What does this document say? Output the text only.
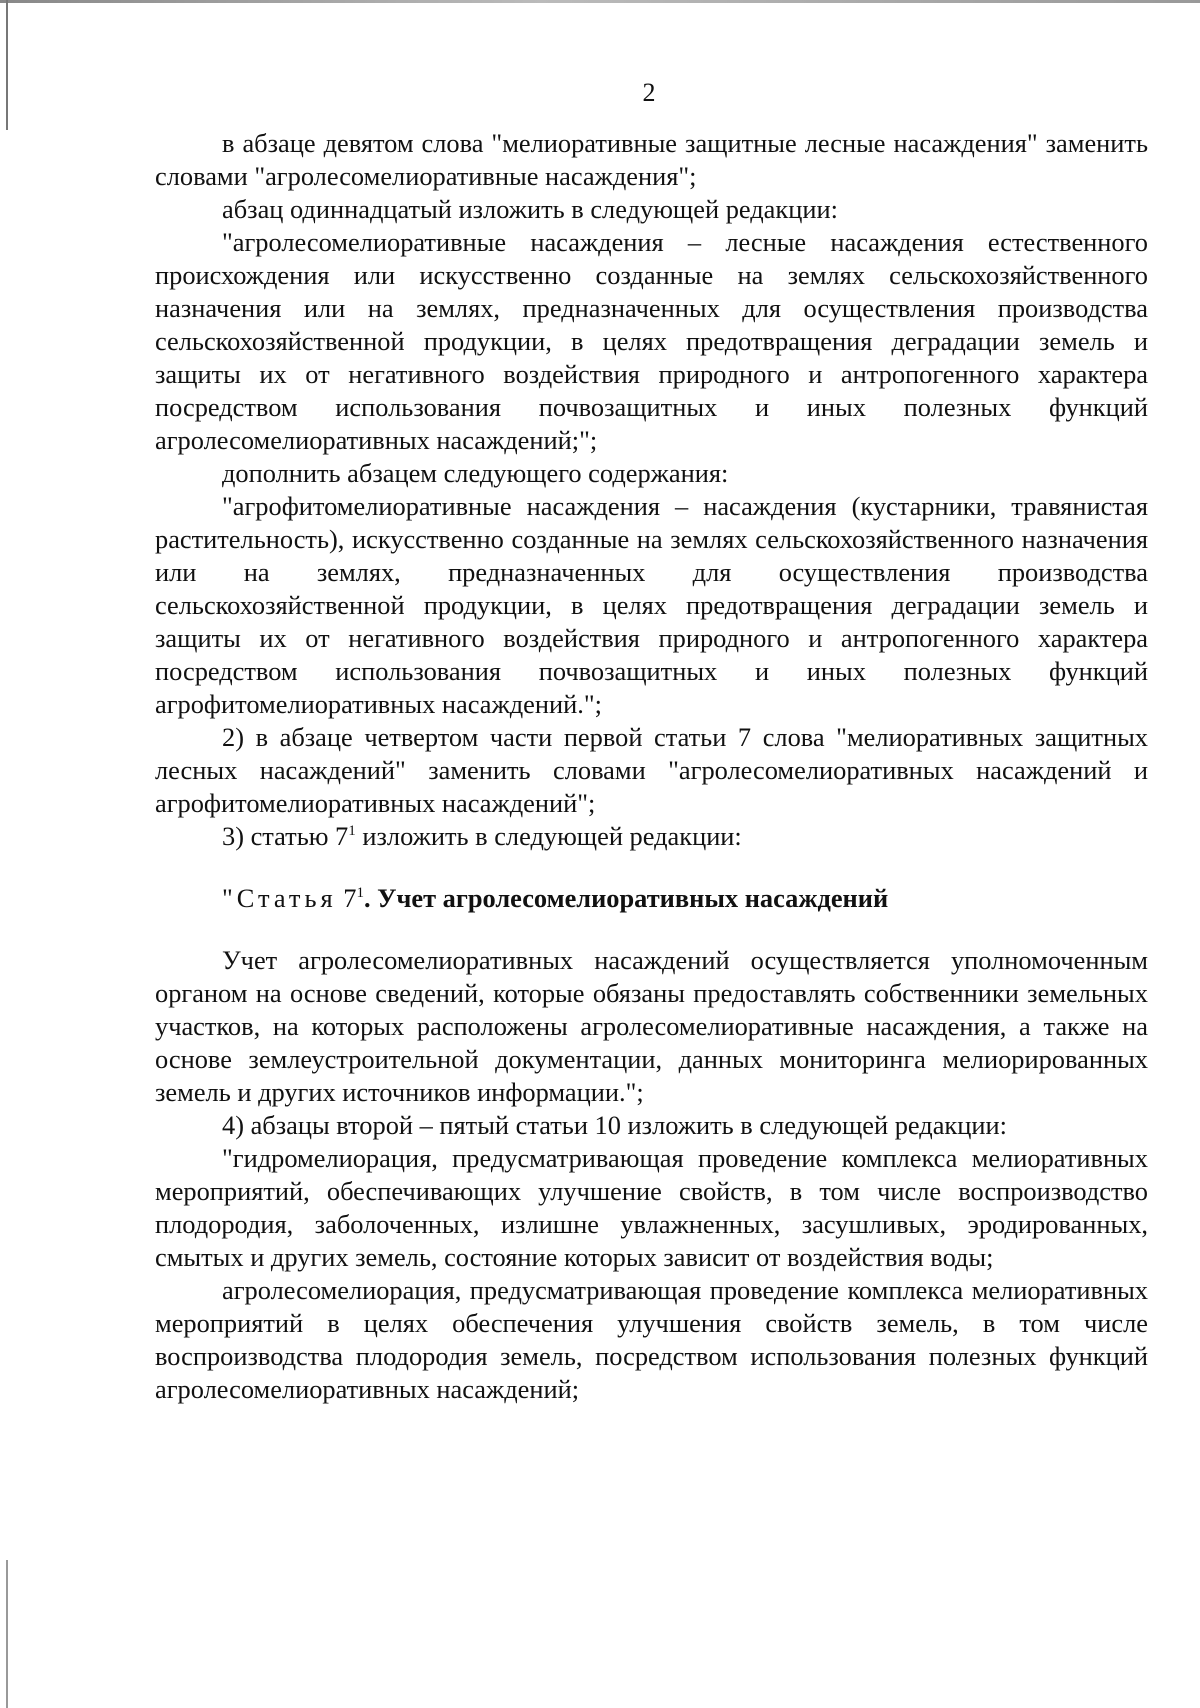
2

в абзаце девятом слова "мелиоративные защитные лесные насаждения" заменить словами "агролесомелиоративные насаждения";

абзац одиннадцатый изложить в следующей редакции:

"агролесомелиоративные насаждения – лесные насаждения естественного происхождения или искусственно созданные на землях сельскохозяйственного назначения или на землях, предназначенных для осуществления производства сельскохозяйственной продукции, в целях предотвращения деградации земель и защиты их от негативного воздействия природного и антропогенного характера посредством использования почвозащитных и иных полезных функций агролесомелиоративных насаждений;";

дополнить абзацем следующего содержания:

"агрофитомелиоративные насаждения – насаждения (кустарники, травянистая растительность), искусственно созданные на землях сельскохозяйственного назначения или на землях, предназначенных для осуществления производства сельскохозяйственной продукции, в целях предотвращения деградации земель и защиты их от негативного воздействия природного и антропогенного характера посредством использования почвозащитных и иных полезных функций агрофитомелиоративных насаждений.";

2) в абзаце четвертом части первой статьи 7 слова "мелиоративных защитных лесных насаждений" заменить словами "агролесомелиоративных насаждений и агрофитомелиоративных насаждений";

3) статью $7^1$ изложить в следующей редакции:

"Статья $7^1$. Учет агролесомелиоративных насаждений

Учет агролесомелиоративных насаждений осуществляется уполномоченным органом на основе сведений, которые обязаны предоставлять собственники земельных участков, на которых расположены агролесомелиоративные насаждения, а также на основе землеустроительной документации, данных мониторинга мелиорированных земель и других источников информации.";

4) абзацы второй – пятый статьи 10 изложить в следующей редакции:

"гидромелиорация, предусматривающая проведение комплекса мелиоративных мероприятий, обеспечивающих улучшение свойств, в том числе воспроизводство плодородия, заболоченных, излишне увлажненных, засушливых, эродированных, смытых и других земель, состояние которых зависит от воздействия воды;

агролесомелиорация, предусматривающая проведение комплекса мелиоративных мероприятий в целях обеспечения улучшения свойств земель, в том числе воспроизводства плодородия земель, посредством использования полезных функций агролесомелиоративных насаждений;
